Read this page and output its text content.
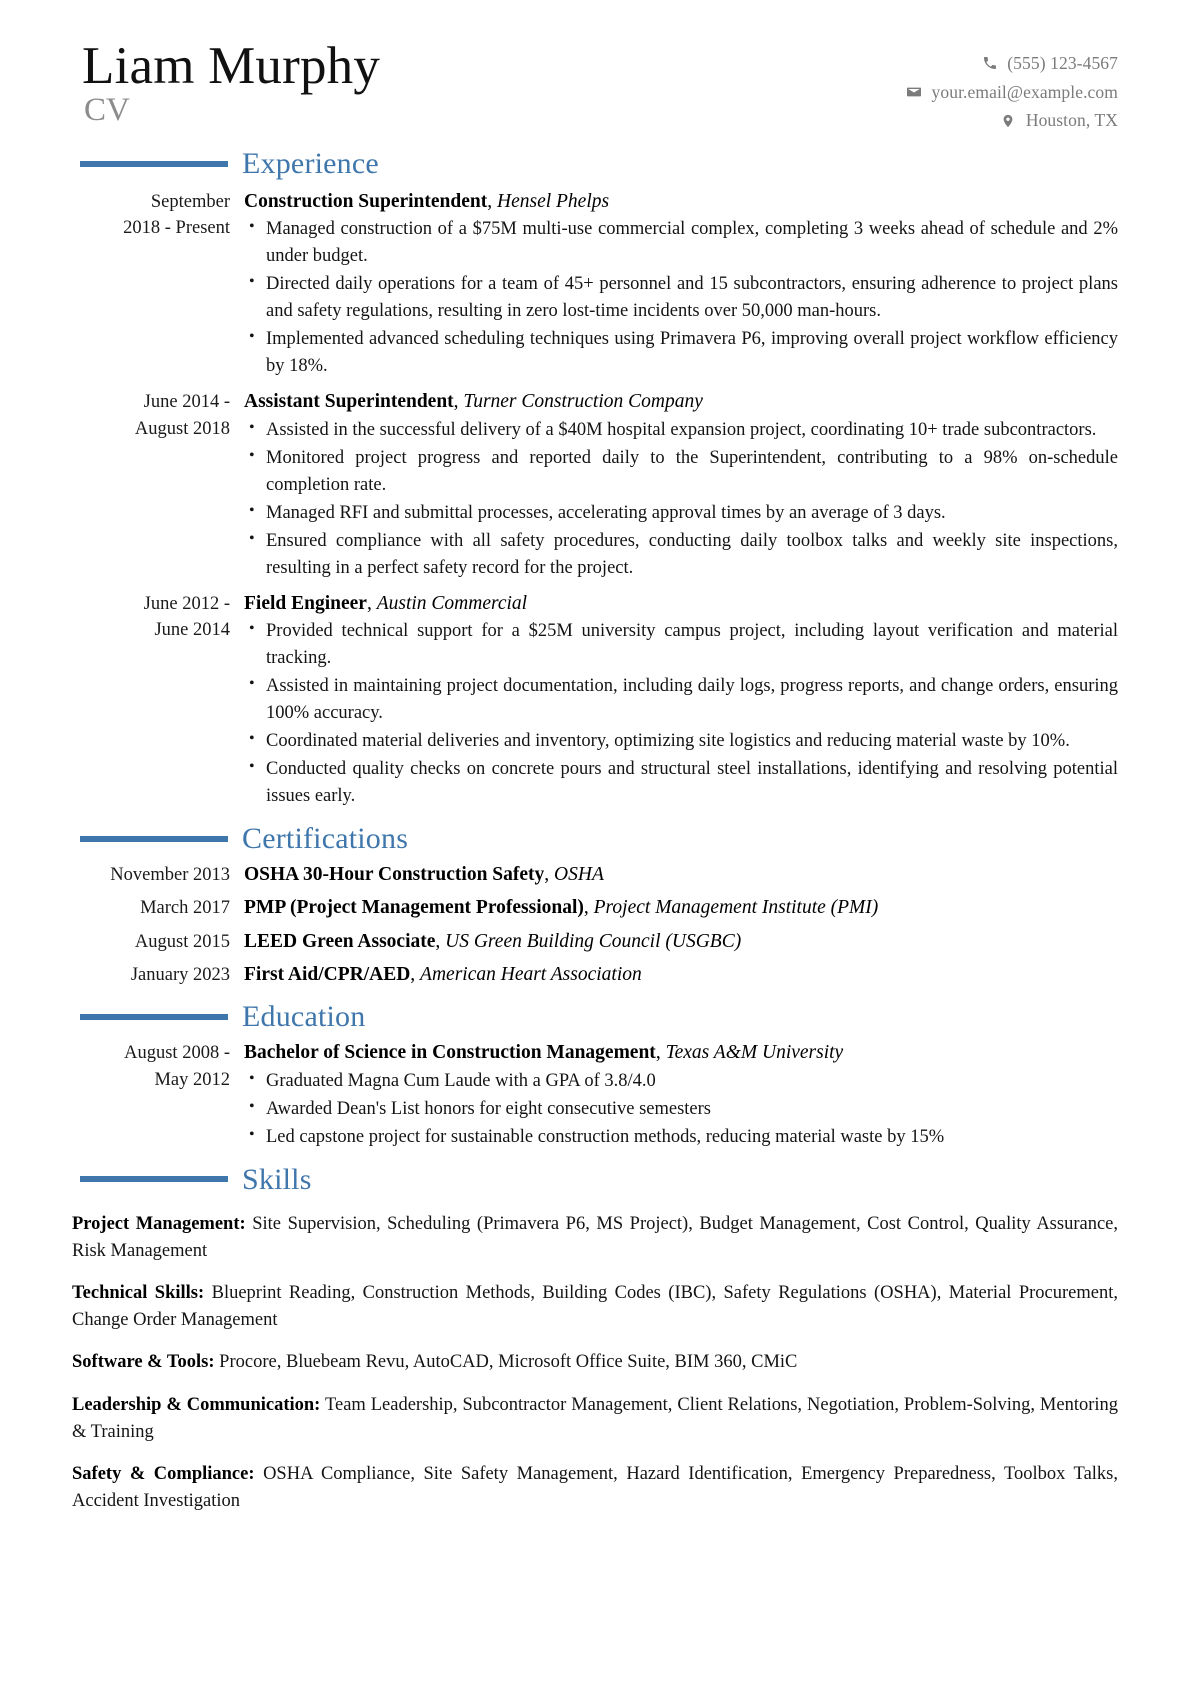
Liam Murphy
CV
(555) 123-4567
your.email@example.com
Houston, TX
Experience
September
2018 - Present
Construction Superintendent, Hensel Phelps
• Managed construction of a $75M multi-use commercial complex, completing 3 weeks ahead of schedule and 2% under budget.
• Directed daily operations for a team of 45+ personnel and 15 subcontractors, ensuring adherence to project plans and safety regulations, resulting in zero lost-time incidents over 50,000 man-hours.
• Implemented advanced scheduling techniques using Primavera P6, improving overall project workflow efficiency by 18%.
June 2014 -
August 2018
Assistant Superintendent, Turner Construction Company
• Assisted in the successful delivery of a $40M hospital expansion project, coordinating 10+ trade subcontractors.
• Monitored project progress and reported daily to the Superintendent, contributing to a 98% on-schedule completion rate.
• Managed RFI and submittal processes, accelerating approval times by an average of 3 days.
• Ensured compliance with all safety procedures, conducting daily toolbox talks and weekly site inspections, resulting in a perfect safety record for the project.
June 2012 -
June 2014
Field Engineer, Austin Commercial
• Provided technical support for a $25M university campus project, including layout verification and material tracking.
• Assisted in maintaining project documentation, including daily logs, progress reports, and change orders, ensuring 100% accuracy.
• Coordinated material deliveries and inventory, optimizing site logistics and reducing material waste by 10%.
• Conducted quality checks on concrete pours and structural steel installations, identifying and resolving potential issues early.
Certifications
November 2013 OSHA 30-Hour Construction Safety, OSHA
March 2017 PMP (Project Management Professional), Project Management Institute (PMI)
August 2015 LEED Green Associate, US Green Building Council (USGBC)
January 2023 First Aid/CPR/AED, American Heart Association
Education
August 2008 -
May 2012
Bachelor of Science in Construction Management, Texas A&M University
• Graduated Magna Cum Laude with a GPA of 3.8/4.0
• Awarded Dean's List honors for eight consecutive semesters
• Led capstone project for sustainable construction methods, reducing material waste by 15%
Skills
Project Management: Site Supervision, Scheduling (Primavera P6, MS Project), Budget Management, Cost Control, Quality Assurance, Risk Management
Technical Skills: Blueprint Reading, Construction Methods, Building Codes (IBC), Safety Regulations (OSHA), Material Procurement, Change Order Management
Software & Tools: Procore, Bluebeam Revu, AutoCAD, Microsoft Office Suite, BIM 360, CMiC
Leadership & Communication: Team Leadership, Subcontractor Management, Client Relations, Negotiation, Problem-Solving, Mentoring & Training
Safety & Compliance: OSHA Compliance, Site Safety Management, Hazard Identification, Emergency Preparedness, Toolbox Talks, Accident Investigation
